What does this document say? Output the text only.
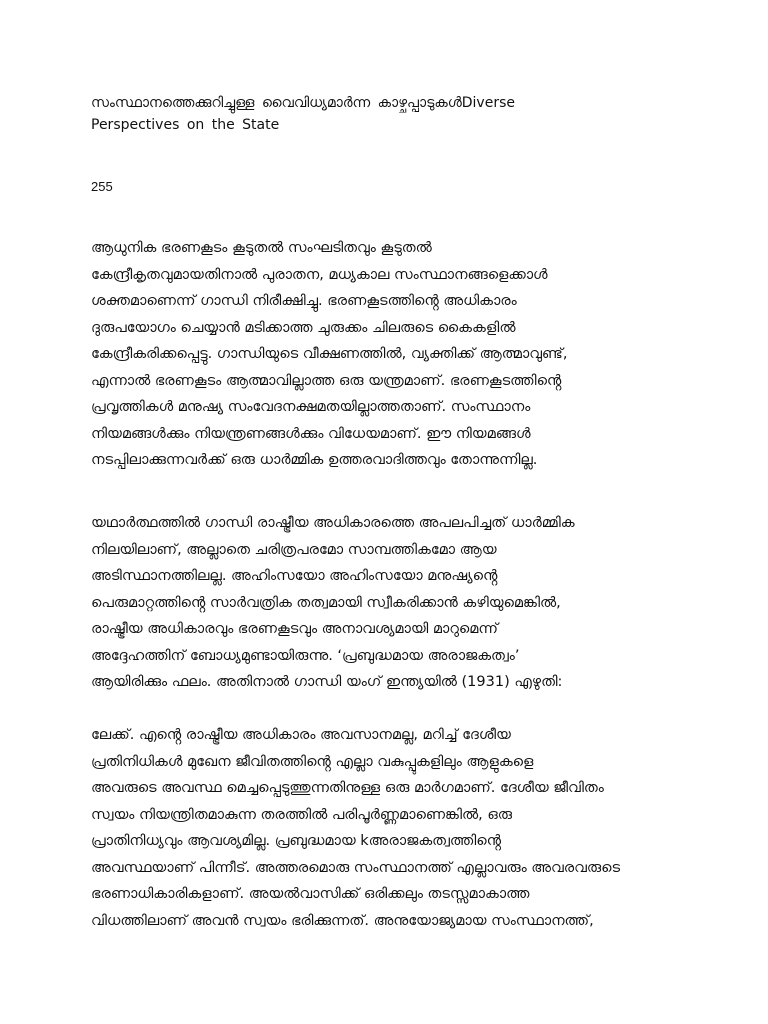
സംസ്ഥാനത്തെക്കുറിച്ചുള്ള വൈവിധ്യമാർന്ന കാഴ്ചപ്പാടുകൾDiverse
Perspectives on the State
255

ആധുനിക ഭരണകൂടം കൂടുതൽ സംഘടിതവും കൂടുതൽ
കേന്ദ്രീകൃതവുമായതിനാൽ പുരാതന, മധ്യകാല സംസ്ഥാനങ്ങളെക്കാൾ
ശക്തമാണെന്ന് ഗാന്ധി നിരീക്ഷിച്ചു. ഭരണകൂടത്തിൻ്റെ അധികാരം
ദുരുപയോഗം ചെയ്യാൻ മടിക്കാത്ത ചുരുക്കം ചിലരുടെ കൈകളിൽ
കേന്ദ്രീകരിക്കപ്പെട്ടു. ഗാന്ധിയുടെ വീക്ഷണത്തിൽ, വ്യക്തിക്ക് ആത്മാവുണ്ട്,
എന്നാൽ ഭരണകൂടം ആത്മാവില്ലാത്ത ഒരു യന്ത്രമാണ്. ഭരണകൂടത്തിൻ്റെ
പ്രവൃത്തികൾ മനുഷ്യ സംവേദനക്ഷമതയില്ലാത്തതാണ്. സംസ്ഥാനം
നിയമങ്ങൾക്കും നിയന്ത്രണങ്ങൾക്കും വിധേയമാണ്. ഈ നിയമങ്ങൾ
നടപ്പിലാക്കുന്നവർക്ക് ഒരു ധാർമ്മിക ഉത്തരവാദിത്തവും തോന്നുന്നില്ല.

യഥാർത്ഥത്തിൽ ഗാന്ധി രാഷ്ട്രീയ അധികാരത്തെ അപലപിച്ചത് ധാർമ്മിക
നിലയിലാണ്, അല്ലാതെ ചരിത്രപരമോ സാമ്പത്തികമോ ആയ
അടിസ്ഥാനത്തിലല്ല. അഹിംസയോ അഹിംസയോ മനുഷ്യൻ്റെ
പെരുമാറ്റത്തിൻ്റെ സാർവത്രിക തത്വമായി സ്വീകരിക്കാൻ കഴിയുമെങ്കിൽ,
രാഷ്ട്രീയ അധികാരവും ഭരണകൂടവും അനാവശ്യമായി മാറുമെന്ന്
അദ്ദേഹത്തിന് ബോധ്യമുണ്ടായിരുന്നു. ‘പ്രബുദ്ധമായ അരാജകത്വം’
ആയിരിക്കും ഫലം. അതിനാൽ ഗാന്ധി യംഗ് ഇന്ത്യയിൽ (1931) എഴുതി:

ലേക്ക്. എൻ്റെ രാഷ്ട്രീയ അധികാരം അവസാനമല്ല, മറിച്ച് ദേശീയ
പ്രതിനിധികൾ മുഖേന ജീവിതത്തിൻ്റെ എല്ലാ വകുപ്പുകളിലും ആളുകളെ
അവരുടെ അവസ്ഥ മെച്ചപ്പെടുത്തുന്നതിനുള്ള ഒരു മാർഗമാണ്. ദേശീയ ജീവിതം
സ്വയം നിയന്ത്രിതമാകുന്ന തരത്തിൽ പരിപൂർണ്ണമാണെങ്കിൽ, ഒരു
പ്രാതിനിധ്യവും ആവശ്യമില്ല. പ്രബുദ്ധമായ kഅരാജകത്വത്തിൻ്റെ
അവസ്ഥയാണ് പിന്നീട്. അത്തരമൊരു സംസ്ഥാനത്ത് എല്ലാവരും അവരവരുടെ
ഭരണാധികാരികളാണ്. അയൽവാസിക്ക് ഒരിക്കലും തടസ്സമാകാത്ത
വിധത്തിലാണ് അവൻ സ്വയം ഭരിക്കുന്നത്. അനുയോജ്യമായ സംസ്ഥാനത്ത്,
